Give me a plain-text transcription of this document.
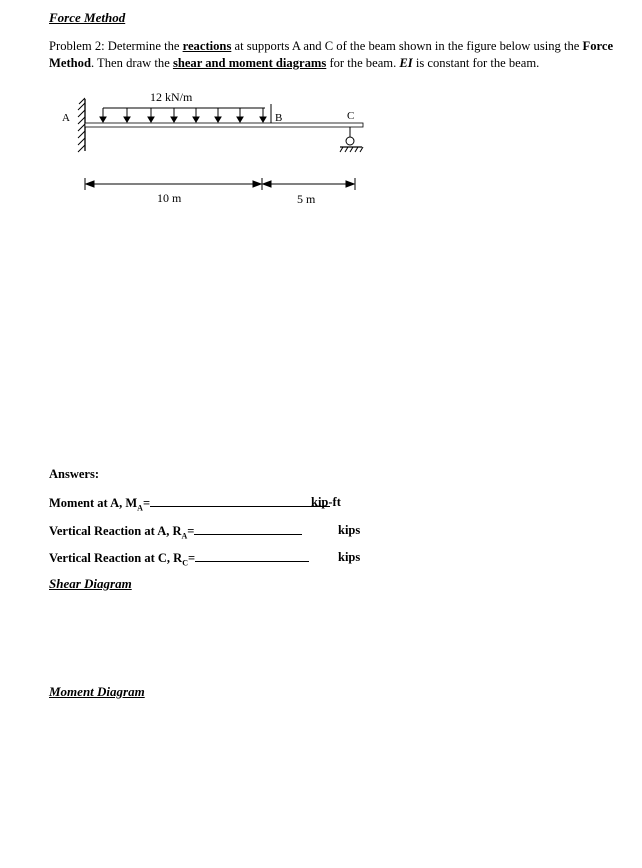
Force Method
Problem 2: Determine the reactions at supports A and C of the beam shown in the figure below using the Force Method. Then draw the shear and moment diagrams for the beam. EI is constant for the beam.
A
12 kN/m
B	C
10 m	5 m
Answers:
Moment at A, $M_A=$	kip-ft
Vertical Reaction at A, $R_A=$	kips
Vertical Reaction at C, $R_C=$	kips
Shear Diagram
Moment Diagram
